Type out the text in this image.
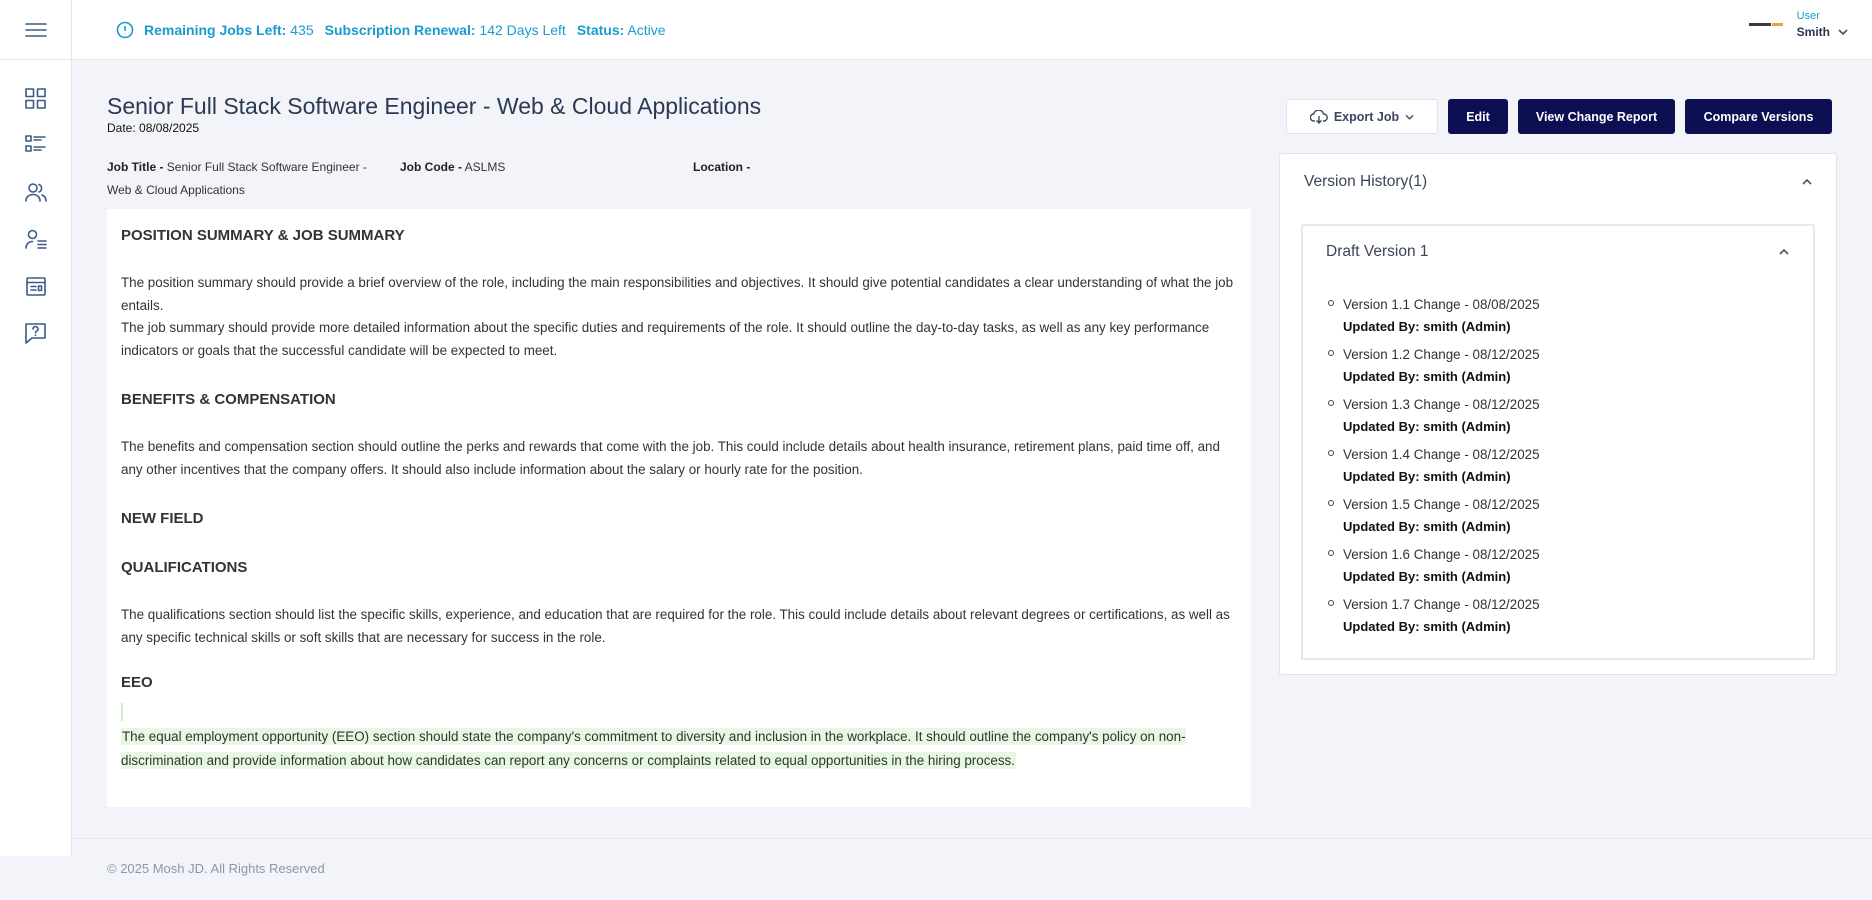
Remaining Jobs Left: 435 Subscription Renewal: 142 Days Left Status: Active
User
Smith
Senior Full Stack Software Engineer - Web & Cloud Applications
Date: 08/08/2025
Job Title - Senior Full Stack Software Engineer - Web & Cloud Applications
Job Code - ASLMS	Location -
POSITION SUMMARY & JOB SUMMARY

The position summary should provide a brief overview of the role, including the main responsibilities and objectives. It should give potential candidates a clear understanding of what the job entails.

The job summary should provide more detailed information about the specific duties and requirements of the role. It should outline the day-to-day tasks, as well as any key performance indicators or goals that the successful candidate will be expected to meet.

BENEFITS & COMPENSATION

The benefits and compensation section should outline the perks and rewards that come with the job. This could include details about health insurance, retirement plans, paid time off, and any other incentives that the company offers. It should also include information about the salary or hourly rate for the position.

NEW FIELD
QUALIFICATIONS

The qualifications section should list the specific skills, experience, and education that are required for the role. This could include details about relevant degrees or certifications, as well as any specific technical skills or soft skills that are necessary for success in the role.

EEO
The equal employment opportunity (EEO) section should state the company's commitment to diversity and inclusion in the workplace. It should outline the company's policy on non-discrimination and provide information about how candidates can report any concerns or complaints related to equal opportunities in the hiring process.
Export Job	Edit	View Change Report	Compare Versions
Version History(1)
Draft Version 1
Version 1.1 Change - 08/08/2025
Updated By: smith (Admin)
Version 1.2 Change - 08/12/2025
Updated By: smith (Admin)
Version 1.3 Change - 08/12/2025
Updated By: smith (Admin)
Version 1.4 Change - 08/12/2025
Updated By: smith (Admin)
Version 1.5 Change - 08/12/2025
Updated By: smith (Admin)
Version 1.6 Change - 08/12/2025
Updated By: smith (Admin)
Version 1.7 Change - 08/12/2025
Updated By: smith (Admin)
© 2025 Mosh JD. All Rights Reserved
